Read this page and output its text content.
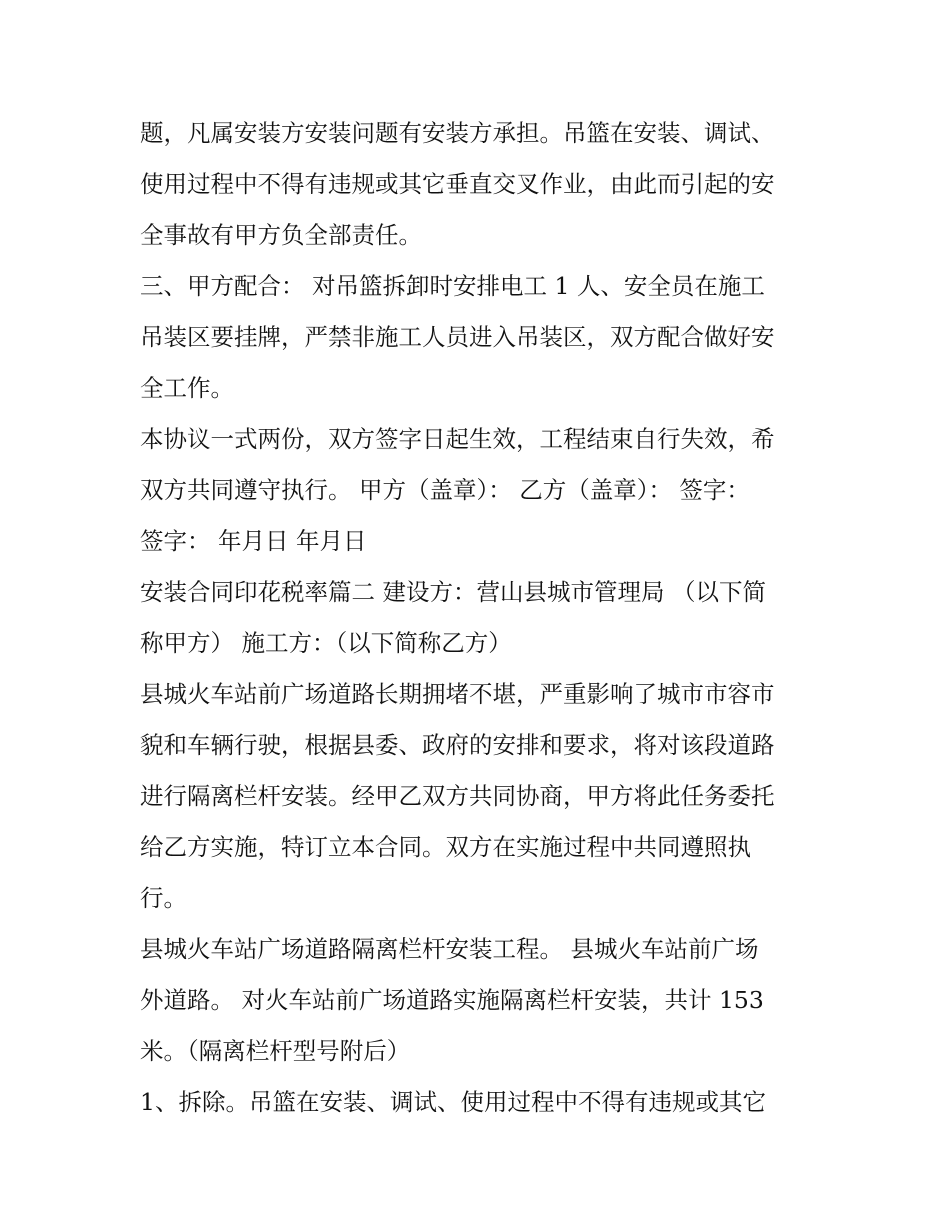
题，凡属安装方安装问题有安装方承担。吊篮在安装、调试、
使用过程中不得有违规或其它垂直交叉作业，由此而引起的安
全事故有甲方负全部责任。
三、甲方配合： 对吊篮拆卸时安排电工 1 人、安全员在施工
吊装区要挂牌，严禁非施工人员进入吊装区，双方配合做好安
全工作。
本协议一式两份，双方签字日起生效，工程结束自行失效，希
双方共同遵守执行。 甲方（盖章）： 乙方（盖章）： 签字：
签字： 年月日 年月日
安装合同印花税率篇二 建设方：营山县城市管理局 （以下简
称甲方） 施工方：（以下简称乙方）
县城火车站前广场道路长期拥堵不堪，严重影响了城市市容市
貌和车辆行驶，根据县委、政府的安排和要求，将对该段道路
进行隔离栏杆安装。经甲乙双方共同协商，甲方将此任务委托
给乙方实施，特订立本合同。双方在实施过程中共同遵照执
行。
县城火车站广场道路隔离栏杆安装工程。 县城火车站前广场
外道路。 对火车站前广场道路实施隔离栏杆安装，共计 153
米。（隔离栏杆型号附后）
1、拆除。吊篮在安装、调试、使用过程中不得有违规或其它
